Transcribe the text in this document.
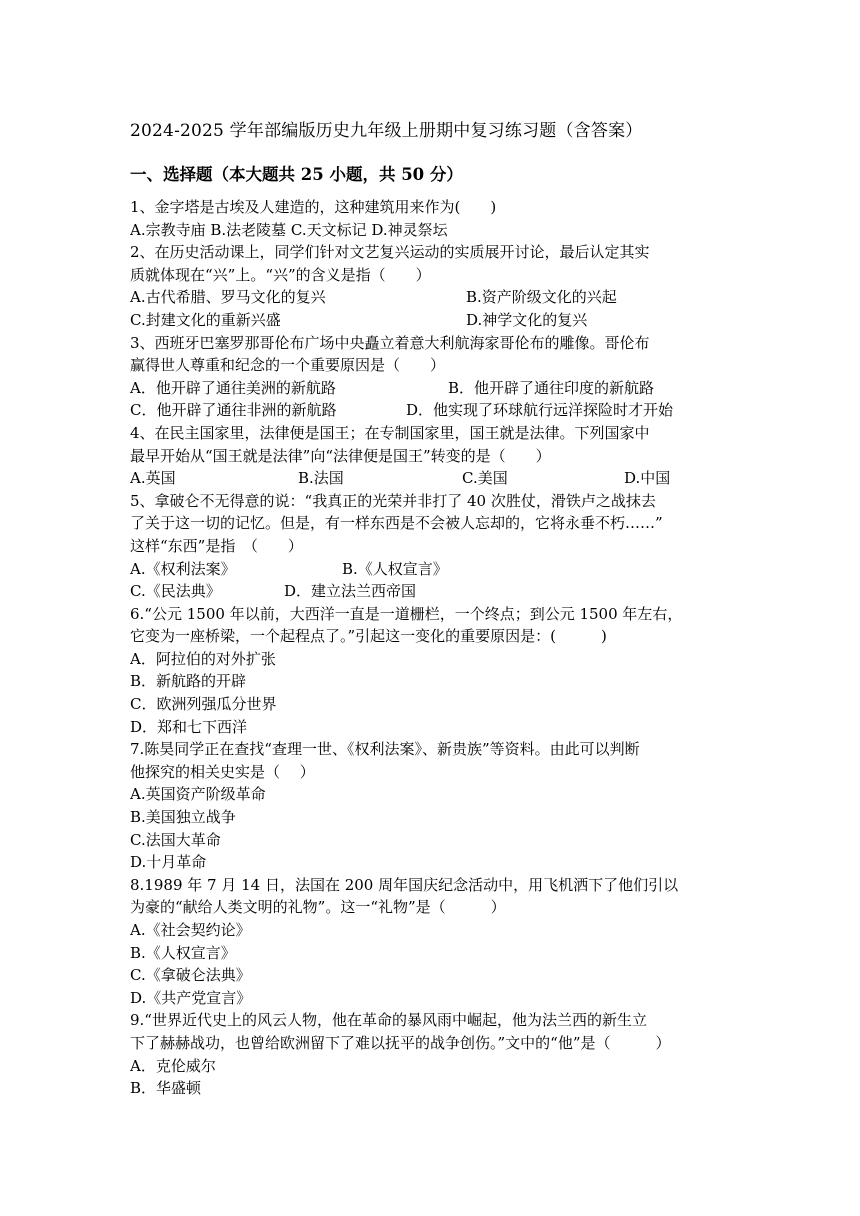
2024-2025 学年部编版历史九年级上册期中复习练习题（含答案）
一、选择题（本大题共 25 小题，共 50 分）
1、金字塔是古埃及人建造的，这种建筑用来作为(　　)
A.宗教寺庙 B.法老陵墓 C.天文标记 D.神灵祭坛
2、在历史活动课上，同学们针对文艺复兴运动的实质展开讨论，最后认定其实
质就体现在“兴”上。“兴”的含义是指（　　）
A.古代希腊、罗马文化的复兴	B.资产阶级文化的兴起
C.封建文化的重新兴盛	D.神学文化的复兴
3、西班牙巴塞罗那哥伦布广场中央矗立着意大利航海家哥伦布的雕像。哥伦布
赢得世人尊重和纪念的一个重要原因是（　　）
A．他开辟了通往美洲的新航路	B．他开辟了通往印度的新航路
C．他开辟了通往非洲的新航路	D．他实现了环球航行远洋探险时才开始
4、在民主国家里，法律便是国王；在专制国家里，国王就是法律。下列国家中
最早开始从“国王就是法律”向“法律便是国王”转变的是（　　）
A.英国	B.法国	C.美国	D.中国
5、拿破仑不无得意的说：“我真正的光荣并非打了 40 次胜仗，滑铁卢之战抹去
了关于这一切的记忆。但是，有一样东西是不会被人忘却的，它将永垂不朽……”
这样“东西”是指　（　　）
A.《权利法案》	B.《人权宣言》
C.《民法典》	D．建立法兰西帝国
6.“公元 1500 年以前，大西洋一直是一道栅栏，一个终点；到公元 1500 年左右，
它变为一座桥梁，一个起程点了。”引起这一变化的重要原因是：(　　　)
A．阿拉伯的对外扩张
B．新航路的开辟
C．欧洲列强瓜分世界
D．郑和七下西洋
7.陈昊同学正在查找“查理一世、《权利法案》、新贵族”等资料。由此可以判断
他探究的相关史实是（　 ）
A.英国资产阶级革命
B.美国独立战争
C.法国大革命
D.十月革命
8.1989 年 7 月 14 日，法国在 200 周年国庆纪念活动中，用飞机洒下了他们引以
为豪的“献给人类文明的礼物”。这一“礼物”是（　　　）
A.《社会契约论》
B.《人权宣言》
C.《拿破仑法典》
D.《共产党宣言》
9.“世界近代史上的风云人物，他在革命的暴风雨中崛起，他为法兰西的新生立
下了赫赫战功，也曾给欧洲留下了难以抚平的战争创伤。”文中的“他”是（　　　）
A．克伦威尔
B．华盛顿
